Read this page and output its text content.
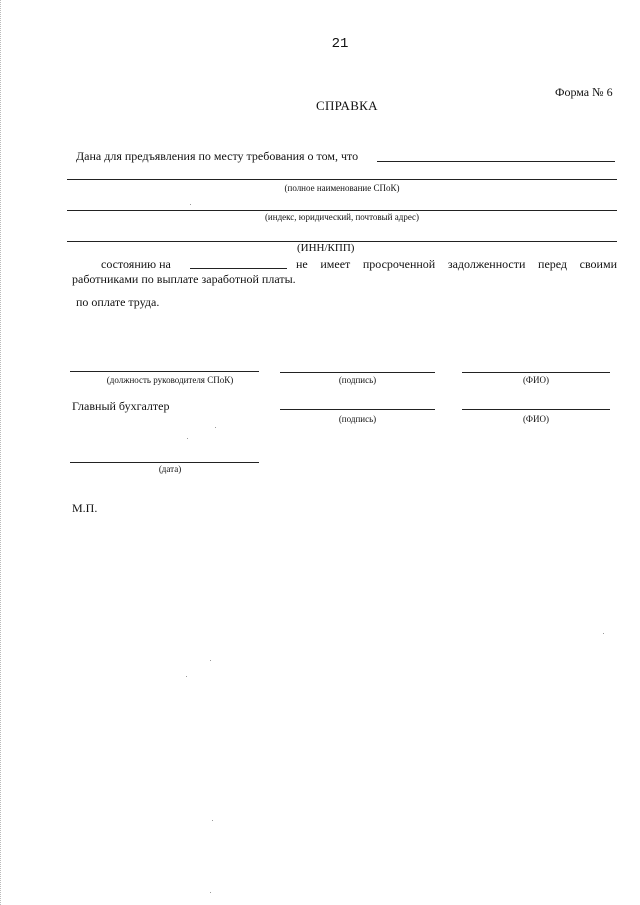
21
Форма № 6
СПРАВКА
Дана для предъявления по месту требования о том, что
(полное наименование СПоК)
(индекс, юридический, почтовый адрес)
(ИНН/КПП)
состоянию на	не имеет просроченной задолженности перед своими
работниками по выплате заработной платы.
по оплате труда.
(должность руководителя СПоК)	(подпись)	(ФИО)
Главный бухгалтер
(подпись)	(ФИО)
(дата)
М.П.
